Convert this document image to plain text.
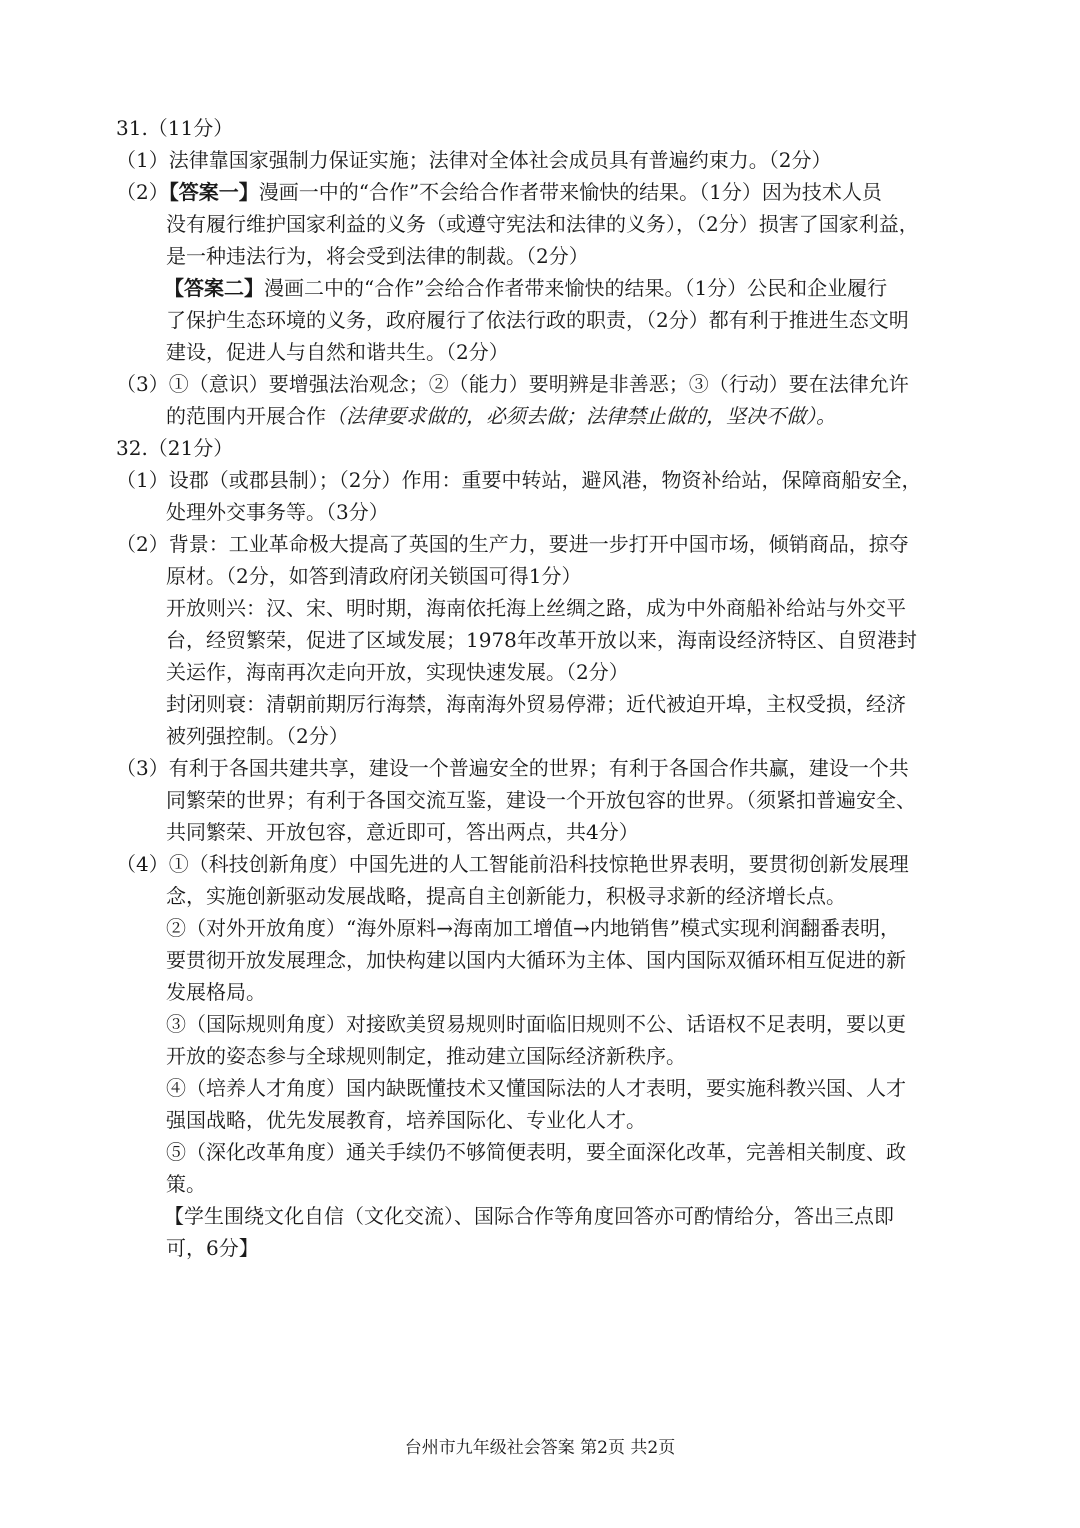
31.（11分）
（1）法律靠国家强制力保证实施；法律对全体社会成员具有普遍约束力。（2分）
（2）【答案一】漫画一中的“合作”不会给合作者带来愉快的结果。（1分）因为技术人员
没有履行维护国家利益的义务（或遵守宪法和法律的义务），（2分）损害了国家利益，
是一种违法行为，将会受到法律的制裁。（2分）
【答案二】漫画二中的“合作”会给合作者带来愉快的结果。（1分）公民和企业履行
了保护生态环境的义务，政府履行了依法行政的职责，（2分）都有利于推进生态文明
建设，促进人与自然和谐共生。（2分）
（3）①（意识）要增强法治观念；②（能力）要明辨是非善恶；③（行动）要在法律允许
的范围内开展合作（法律要求做的，必须去做；法律禁止做的，坚决不做）。
32.（21分）
（1）设郡（或郡县制）；（2分）作用：重要中转站，避风港，物资补给站，保障商船安全，
处理外交事务等。（3分）
（2）背景：工业革命极大提高了英国的生产力，要进一步打开中国市场，倾销商品，掠夺
原材。（2分，如答到清政府闭关锁国可得1分）
开放则兴：汉、宋、明时期，海南依托海上丝绸之路，成为中外商船补给站与外交平
台，经贸繁荣，促进了区域发展；1978年改革开放以来，海南设经济特区、自贸港封
关运作，海南再次走向开放，实现快速发展。（2分）
封闭则衰：清朝前期厉行海禁，海南海外贸易停滞；近代被迫开埠，主权受损，经济
被列强控制。（2分）
（3）有利于各国共建共享，建设一个普遍安全的世界；有利于各国合作共赢，建设一个共
同繁荣的世界；有利于各国交流互鉴，建设一个开放包容的世界。（须紧扣普遍安全、
共同繁荣、开放包容，意近即可，答出两点，共4分）
（4）①（科技创新角度）中国先进的人工智能前沿科技惊艳世界表明，要贯彻创新发展理
念，实施创新驱动发展战略，提高自主创新能力，积极寻求新的经济增长点。
②（对外开放角度）“海外原料→海南加工增值→内地销售”模式实现利润翻番表明，
要贯彻开放发展理念，加快构建以国内大循环为主体、国内国际双循环相互促进的新
发展格局。
③（国际规则角度）对接欧美贸易规则时面临旧规则不公、话语权不足表明，要以更
开放的姿态参与全球规则制定，推动建立国际经济新秩序。
④（培养人才角度）国内缺既懂技术又懂国际法的人才表明，要实施科教兴国、人才
强国战略，优先发展教育，培养国际化、专业化人才。
⑤（深化改革角度）通关手续仍不够简便表明，要全面深化改革，完善相关制度、政
策。
【学生围绕文化自信（文化交流）、国际合作等角度回答亦可酌情给分，答出三点即
可，6分】
台州市九年级社会答案 第2页 共2页
